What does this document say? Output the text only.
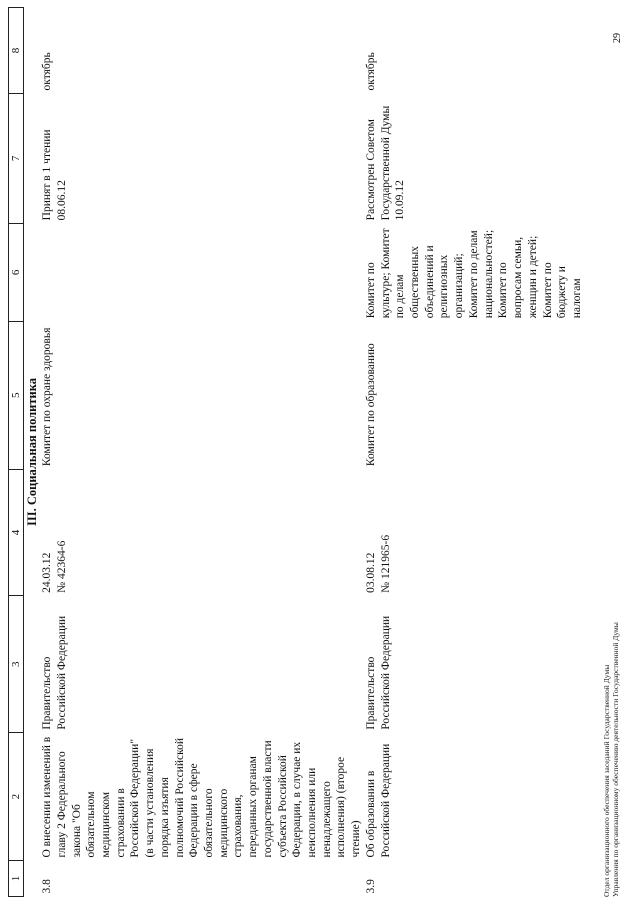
1	2	3	4	5	6	7	8
III. Социальная политика							
3.8	О внесении изменений в главу 2 Федерального закона "Об обязательном медицинском страховании в Российской Федерации" (в части установления порядка изъятия полномочий Российской Федерации в сфере обязательного медицинского страхования, переданных органам государственной власти субъекта Российской Федерации, в случае их неисполнения или ненадлежащего исполнения) (второе чтение)	Правительство Российской Федерации	24.03.12 № 42364-6	Комитет по охране здоровья		Принят в 1 чтении 08.06.12	октябрь
3.9	Об образовании в Российской Федерации	Правительство Российской Федерации	03.08.12 № 121965-6	Комитет по образованию	Комитет по культуре; Комитет по делам общественных объединений и религиозных организаций; Комитет по делам национальностей; Комитет по вопросам семьи, женщин и детей; Комитет по бюджету и налогам	Рассмотрен Советом Государственной Думы 10.09.12	октябрь
Отдел организационного обеспечения заседаний Государственной Думы Управления по организационному обеспечению деятельности Государственной Думы
29
